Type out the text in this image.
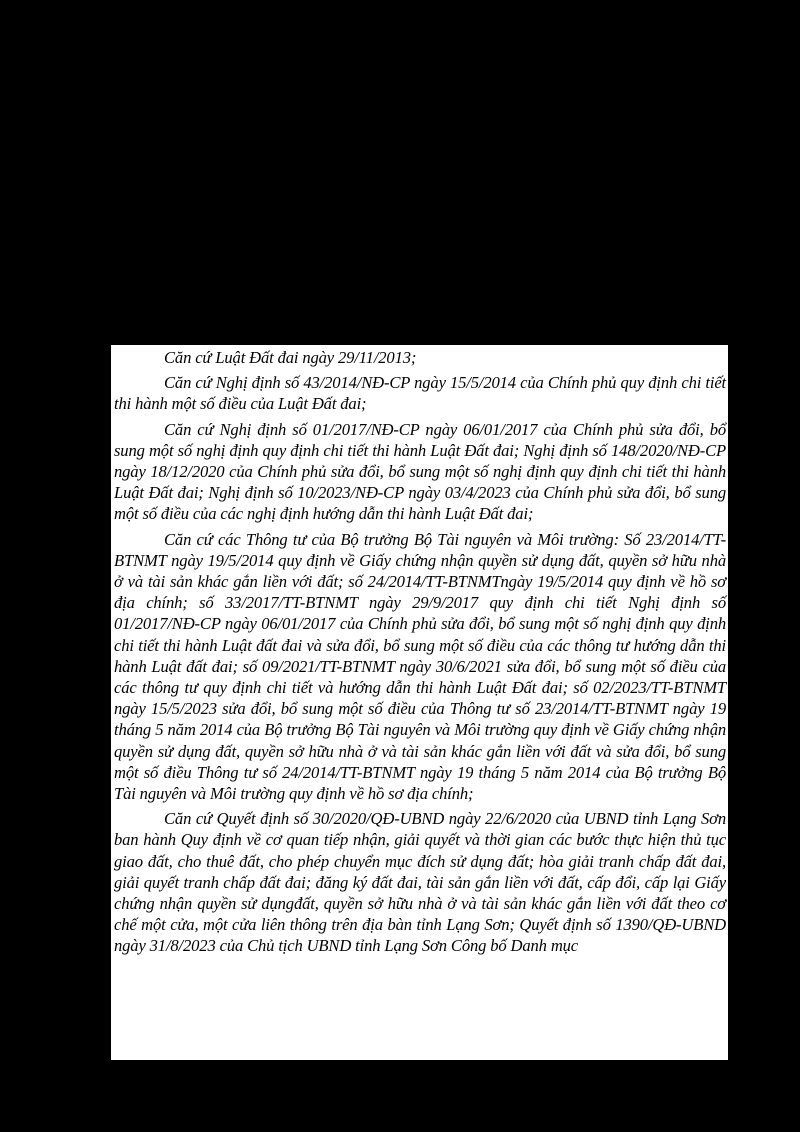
Căn cứ Luật Đất đai ngày 29/11/2013;

Căn cứ Nghị định số 43/2014/NĐ-CP ngày 15/5/2014 của Chính phủ quy định chi tiết thi hành một số điều của Luật Đất đai;

Căn cứ Nghị định số 01/2017/NĐ-CP ngày 06/01/2017 của Chính phủ sửa đổi, bổ sung một số nghị định quy định chi tiết thi hành Luật Đất đai; Nghị định số 148/2020/NĐ-CP ngày 18/12/2020 của Chính phủ sửa đổi, bổ sung một số nghị định quy định chi tiết thi hành Luật Đất đai; Nghị định số 10/2023/NĐ-CP ngày 03/4/2023 của Chính phủ sửa đổi, bổ sung một số điều của các nghị định hướng dẫn thi hành Luật Đất đai;

Căn cứ các Thông tư của Bộ trưởng Bộ Tài nguyên và Môi trường: Số 23/2014/TT-BTNMT ngày 19/5/2014 quy định về Giấy chứng nhận quyền sử dụng đất, quyền sở hữu nhà ở và tài sản khác gắn liền với đất; số 24/2014/TT-BTNMTngày 19/5/2014 quy định về hồ sơ địa chính; số 33/2017/TT-BTNMT ngày 29/9/2017 quy định chi tiết Nghị định số 01/2017/NĐ-CP ngày 06/01/2017 của Chính phủ sửa đổi, bổ sung một số nghị định quy định chi tiết thi hành Luật đất đai và sửa đổi, bổ sung một số điều của các thông tư hướng dẫn thi hành Luật đất đai; số 09/2021/TT-BTNMT ngày 30/6/2021 sửa đổi, bổ sung một số điều của các thông tư quy định chi tiết và hướng dẫn thi hành Luật Đất đai; số 02/2023/TT-BTNMT ngày 15/5/2023 sửa đổi, bổ sung một số điều của Thông tư số 23/2014/TT-BTNMT ngày 19 tháng 5 năm 2014 của Bộ trưởng Bộ Tài nguyên và Môi trường quy định về Giấy chứng nhận quyền sử dụng đất, quyền sở hữu nhà ở và tài sản khác gắn liền với đất và sửa đổi, bổ sung một số điều Thông tư số 24/2014/TT-BTNMT ngày 19 tháng 5 năm 2014 của Bộ trưởng Bộ Tài nguyên và Môi trường quy định về hồ sơ địa chính;

Căn cứ Quyết định số 30/2020/QĐ-UBND ngày 22/6/2020 của UBND tỉnh Lạng Sơn ban hành Quy định về cơ quan tiếp nhận, giải quyết và thời gian các bước thực hiện thủ tục giao đất, cho thuê đất, cho phép chuyển mục đích sử dụng đất; hòa giải tranh chấp đất đai, giải quyết tranh chấp đất đai; đăng ký đất đai, tài sản gắn liền với đất, cấp đổi, cấp lại Giấy chứng nhận quyền sử dụngđất, quyền sở hữu nhà ở và tài sản khác gắn liền với đất theo cơ chế một cửa, một cửa liên thông trên địa bàn tỉnh Lạng Sơn; Quyết định số 1390/QĐ-UBND ngày 31/8/2023 của Chủ tịch UBND tỉnh Lạng Sơn Công bố Danh mục
